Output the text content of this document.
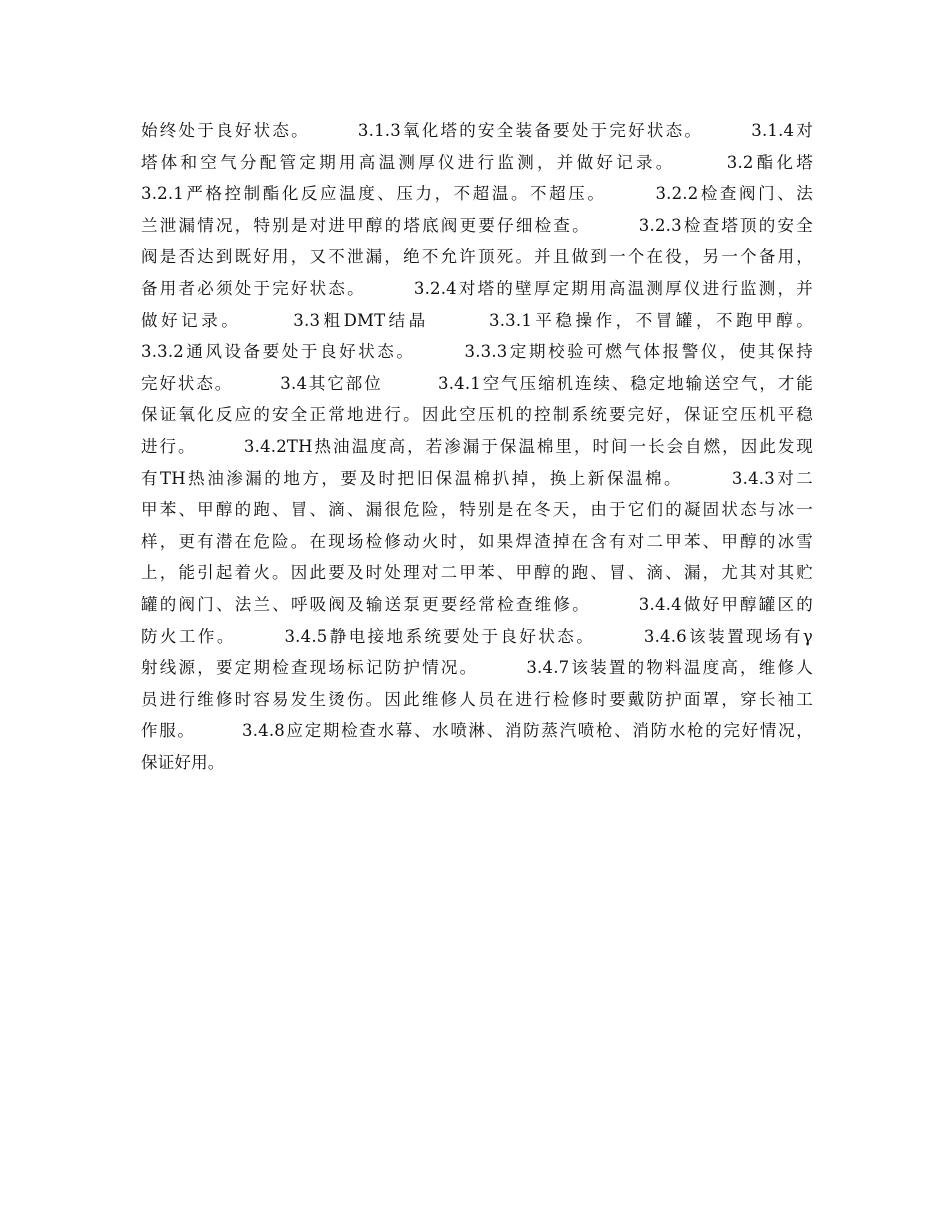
始终处于良好状态。　　　3.1.3氧化塔的安全装备要处于完好状态。　　　3.1.4对
塔体和空气分配管定期用高温测厚仪进行监测，并做好记录。　　　3.2酯化塔
3.2.1严格控制酯化反应温度、压力，不超温。不超压。　　　3.2.2检查阀门、法
兰泄漏情况，特别是对进甲醇的塔底阀更要仔细检查。　　　3.2.3检查塔顶的安全
阀是否达到既好用，又不泄漏，绝不允许顶死。并且做到一个在役，另一个备用，
备用者必须处于完好状态。　　　3.2.4对塔的壁厚定期用高温测厚仪进行监测，并
做好记录。　　　3.3粗DMT结晶　　　3.3.1平稳操作，不冒罐，不跑甲醇。
3.3.2通风设备要处于良好状态。　　　3.3.3定期校验可燃气体报警仪，使其保持
完好状态。　　　3.4其它部位　　　3.4.1空气压缩机连续、稳定地输送空气，才能
保证氧化反应的安全正常地进行。因此空压机的控制系统要完好，保证空压机平稳
进行。　　　3.4.2TH热油温度高，若渗漏于保温棉里，时间一长会自燃，因此发现
有TH热油渗漏的地方，要及时把旧保温棉扒掉，换上新保温棉。　　　3.4.3对二
甲苯、甲醇的跑、冒、滴、漏很危险，特别是在冬天，由于它们的凝固状态与冰一
样，更有潜在危险。在现场检修动火时，如果焊渣掉在含有对二甲苯、甲醇的冰雪
上，能引起着火。因此要及时处理对二甲苯、甲醇的跑、冒、滴、漏，尤其对其贮
罐的阀门、法兰、呼吸阀及输送泵更要经常检查维修。　　　3.4.4做好甲醇罐区的
防火工作。　　　3.4.5静电接地系统要处于良好状态。　　　3.4.6该装置现场有γ
射线源，要定期检查现场标记防护情况。　　　3.4.7该装置的物料温度高，维修人
员进行维修时容易发生烫伤。因此维修人员在进行检修时要戴防护面罩，穿长袖工
作服。　　　3.4.8应定期检查水幕、水喷淋、消防蒸汽喷枪、消防水枪的完好情况，
保证好用。
